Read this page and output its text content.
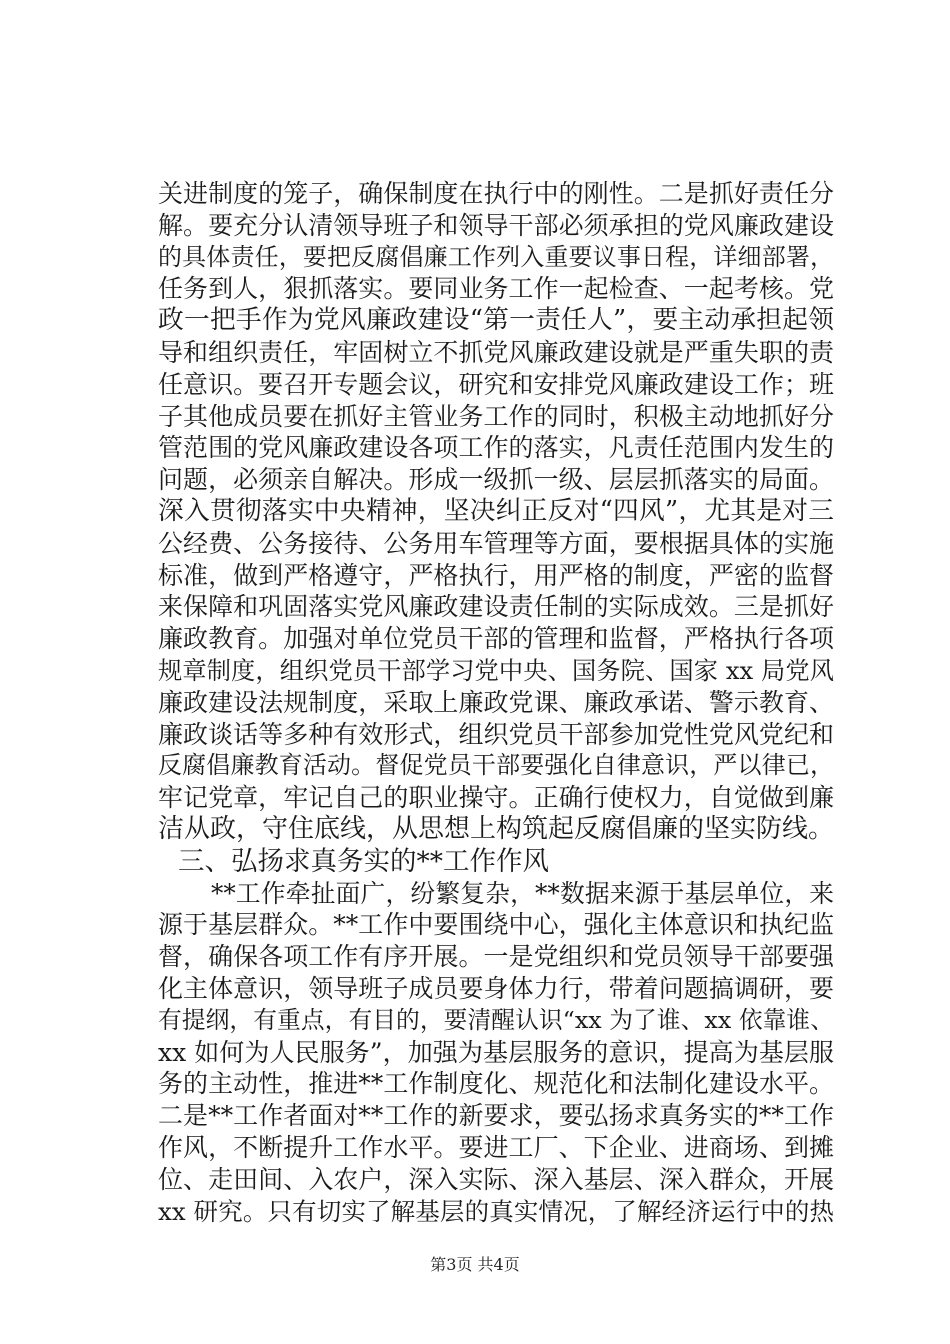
关进制度的笼子，确保制度在执行中的刚性。二是抓好责任分
解。要充分认清领导班子和领导干部必须承担的党风廉政建设
的具体责任，要把反腐倡廉工作列入重要议事日程，详细部署，
任务到人，狠抓落实。要同业务工作一起检查、一起考核。党
政一把手作为党风廉政建设“第一责任人”，要主动承担起领
导和组织责任，牢固树立不抓党风廉政建设就是严重失职的责
任意识。要召开专题会议，研究和安排党风廉政建设工作；班
子其他成员要在抓好主管业务工作的同时，积极主动地抓好分
管范围的党风廉政建设各项工作的落实，凡责任范围内发生的
问题，必须亲自解决。形成一级抓一级、层层抓落实的局面。
深入贯彻落实中央精神，坚决纠正反对“四风”，尤其是对三
公经费、公务接待、公务用车管理等方面，要根据具体的实施
标准，做到严格遵守，严格执行，用严格的制度，严密的监督
来保障和巩固落实党风廉政建设责任制的实际成效。三是抓好
廉政教育。加强对单位党员干部的管理和监督，严格执行各项
规章制度，组织党员干部学习党中央、国务院、国家 xx 局党风
廉政建设法规制度，采取上廉政党课、廉政承诺、警示教育、
廉政谈话等多种有效形式，组织党员干部参加党性党风党纪和
反腐倡廉教育活动。督促党员干部要强化自律意识，严以律已，
牢记党章，牢记自己的职业操守。正确行使权力，自觉做到廉
洁从政，守住底线，从思想上构筑起反腐倡廉的坚实防线。
三、弘扬求真务实的**工作作风
**工作牵扯面广，纷繁复杂，**数据来源于基层单位，来
源于基层群众。**工作中要围绕中心，强化主体意识和执纪监
督，确保各项工作有序开展。一是党组织和党员领导干部要强
化主体意识，领导班子成员要身体力行，带着问题搞调研，要
有提纲，有重点，有目的，要清醒认识“xx 为了谁、xx 依靠谁、
xx 如何为人民服务”，加强为基层服务的意识，提高为基层服
务的主动性，推进**工作制度化、规范化和法制化建设水平。
二是**工作者面对**工作的新要求，要弘扬求真务实的**工作
作风，不断提升工作水平。要进工厂、下企业、进商场、到摊
位、走田间、入农户，深入实际、深入基层、深入群众，开展
xx 研究。只有切实了解基层的真实情况，了解经济运行中的热
第3页 共4页
